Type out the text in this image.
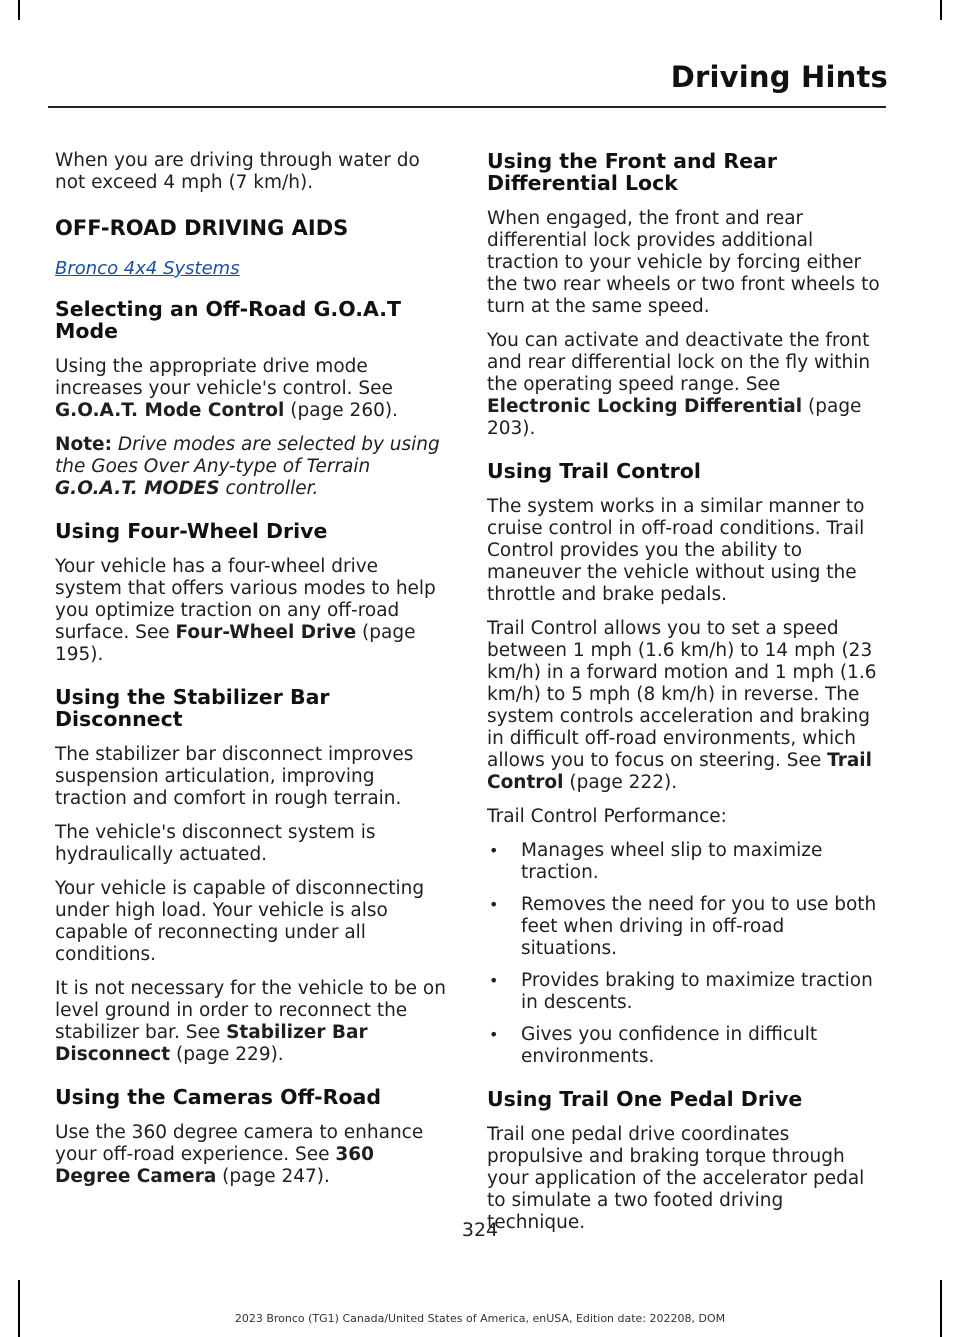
Driving Hints

When you are driving through water do not exceed 4 mph (7 km/h).

OFF-ROAD DRIVING AIDS

Bronco 4x4 Systems

Selecting an Off-Road G.O.A.T Mode

Using the appropriate drive mode increases your vehicle's control. See G.O.A.T. Mode Control (page 260).

Note: Drive modes are selected by using the Goes Over Any-type of Terrain G.O.A.T. MODES controller.

Using Four-Wheel Drive

Your vehicle has a four-wheel drive system that offers various modes to help you optimize traction on any off-road surface. See Four-Wheel Drive (page 195).

Using the Stabilizer Bar Disconnect

The stabilizer bar disconnect improves suspension articulation, improving traction and comfort in rough terrain.

The vehicle's disconnect system is hydraulically actuated.

Your vehicle is capable of disconnecting under high load. Your vehicle is also capable of reconnecting under all conditions.

It is not necessary for the vehicle to be on level ground in order to reconnect the stabilizer bar. See Stabilizer Bar Disconnect (page 229).

Using the Cameras Off-Road

Use the 360 degree camera to enhance your off-road experience. See 360 Degree Camera (page 247).

Using the Front and Rear Differential Lock

When engaged, the front and rear differential lock provides additional traction to your vehicle by forcing either the two rear wheels or two front wheels to turn at the same speed.

You can activate and deactivate the front and rear differential lock on the fly within the operating speed range. See Electronic Locking Differential (page 203).

Using Trail Control

The system works in a similar manner to cruise control in off-road conditions. Trail Control provides you the ability to maneuver the vehicle without using the throttle and brake pedals.

Trail Control allows you to set a speed between 1 mph (1.6 km/h) to 14 mph (23 km/h) in a forward motion and 1 mph (1.6 km/h) to 5 mph (8 km/h) in reverse. The system controls acceleration and braking in difficult off-road environments, which allows you to focus on steering. See Trail Control (page 222).

Trail Control Performance:

• Manages wheel slip to maximize traction.
• Removes the need for you to use both feet when driving in off-road situations.
• Provides braking to maximize traction in descents.
• Gives you confidence in difficult environments.
Using Trail One Pedal Drive

Trail one pedal drive coordinates propulsive and braking torque through your application of the accelerator pedal to simulate a two footed driving technique.

324
2023 Bronco (TG1) Canada/United States of America, enUSA, Edition date: 202208, DOM
